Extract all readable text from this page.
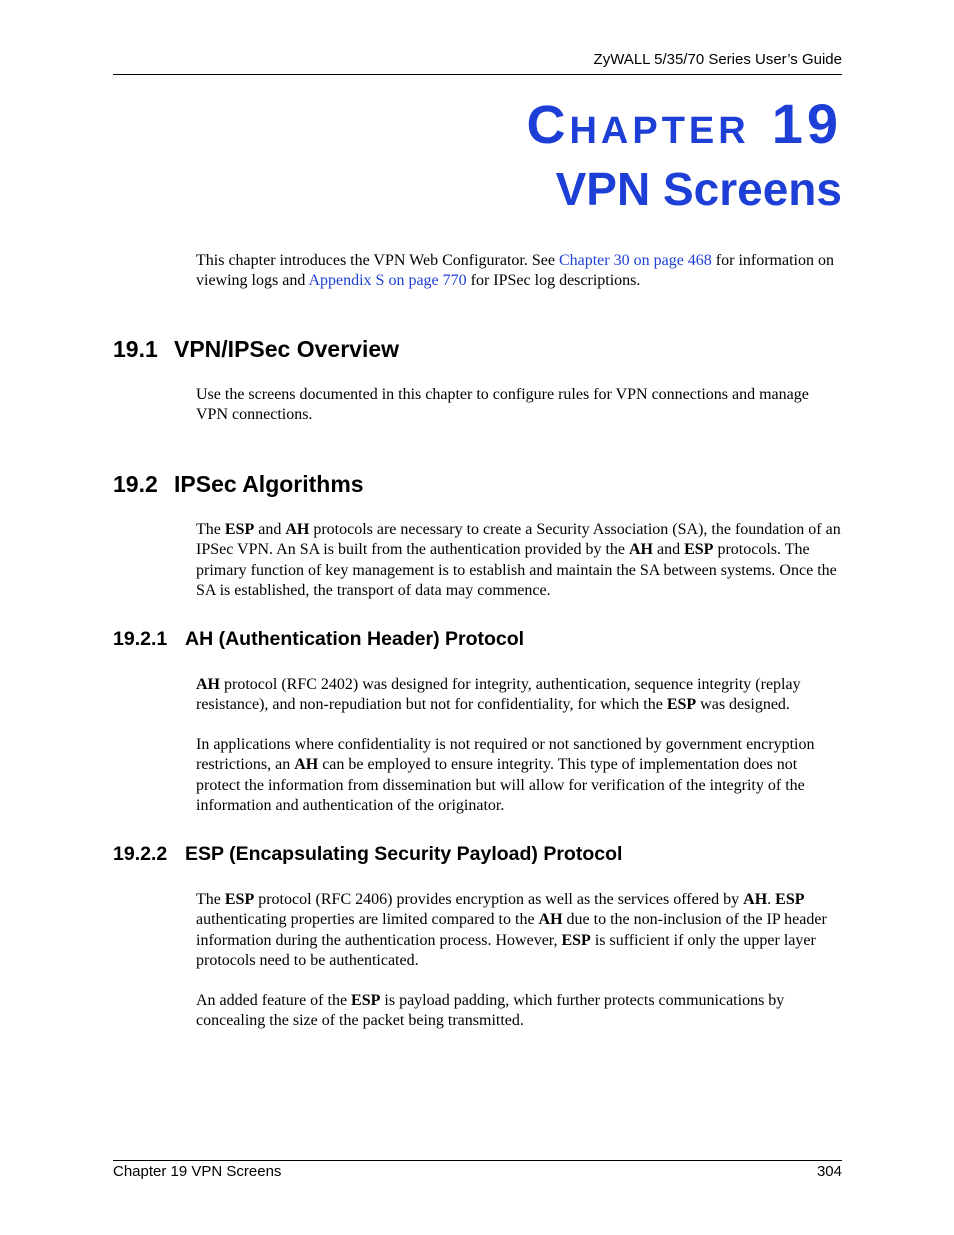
ZyWALL 5/35/70 Series User’s Guide
CHAPTER 19
VPN Screens

This chapter introduces the VPN Web Configurator. See Chapter 30 on page 468 for information on viewing logs and Appendix S on page 770 for IPSec log descriptions.

19.1 VPN/IPSec Overview

Use the screens documented in this chapter to configure rules for VPN connections and manage VPN connections.

19.2 IPSec Algorithms

The ESP and AH protocols are necessary to create a Security Association (SA), the foundation of an IPSec VPN. An SA is built from the authentication provided by the AH and ESP protocols. The primary function of key management is to establish and maintain the SA between systems. Once the SA is established, the transport of data may commence.

19.2.1 AH (Authentication Header) Protocol

AH protocol (RFC 2402) was designed for integrity, authentication, sequence integrity (replay resistance), and non-repudiation but not for confidentiality, for which the ESP was designed.

In applications where confidentiality is not required or not sanctioned by government encryption restrictions, an AH can be employed to ensure integrity. This type of implementation does not protect the information from dissemination but will allow for verification of the integrity of the information and authentication of the originator.

19.2.2 ESP (Encapsulating Security Payload) Protocol

The ESP protocol (RFC 2406) provides encryption as well as the services offered by AH. ESP authenticating properties are limited compared to the AH due to the non-inclusion of the IP header information during the authentication process. However, ESP is sufficient if only the upper layer protocols need to be authenticated.

An added feature of the ESP is payload padding, which further protects communications by concealing the size of the packet being transmitted.

Chapter 19 VPN Screens	304
